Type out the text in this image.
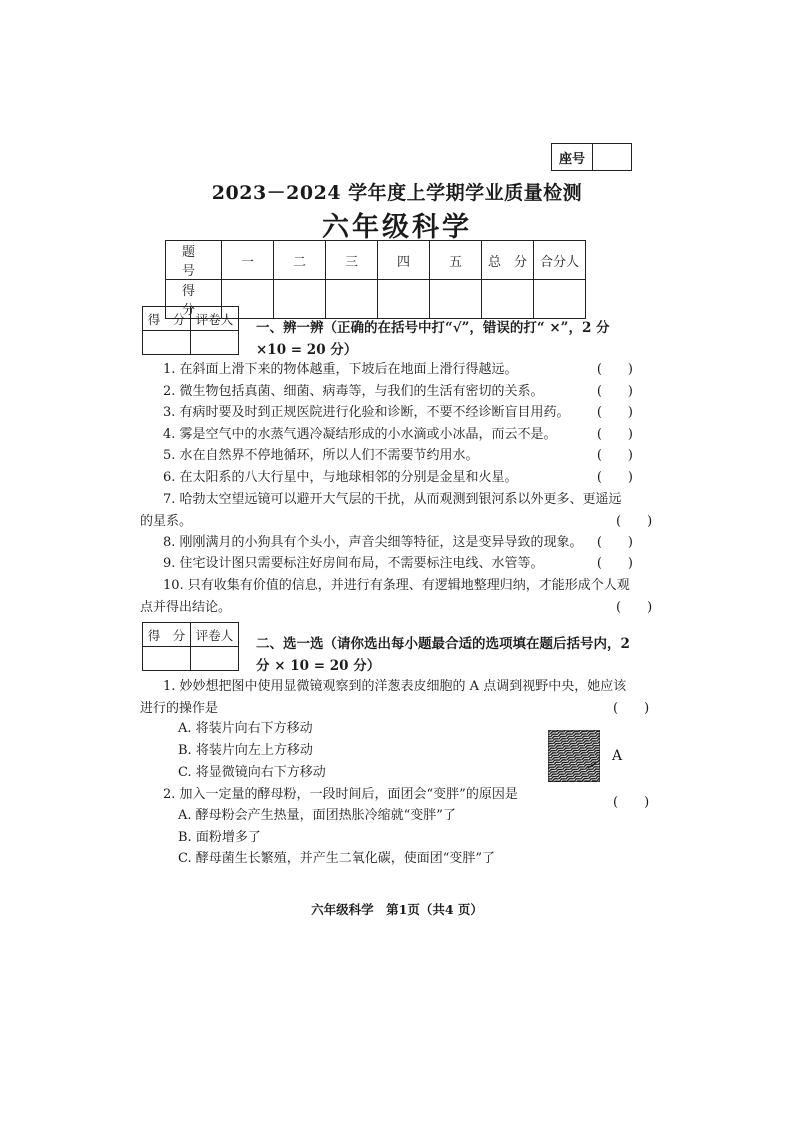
座号	
2023－2024 学年度上学期学业质量检测
六年级科学
题　号	一	二	三	四	五	总　分	合分人
得　分							
得　分	评卷人

一、辨一辨（正确的在括号中打“√”，错误的打“ ×”，2 分 ×10 = 20 分）
1. 在斜面上滑下来的物体越重，下坡后在地面上滑行得越远。	(　　)
2. 微生物包括真菌、细菌、病毒等，与我们的生活有密切的关系。	(　　)
3. 有病时要及时到正规医院进行化验和诊断，不要不经诊断盲目用药。 (　　)
4. 雾是空气中的水蒸气遇冷凝结形成的小水滴或小冰晶，而云不是。	(　　)
5. 水在自然界不停地循环，所以人们不需要节约用水。	(　　)
6. 在太阳系的八大行星中，与地球相邻的分别是金星和火星。	(　　)
7. 哈勃太空望远镜可以避开大气层的干扰，从而观测到银河系以外更多、更遥远的星系。	(　　)
8. 刚刚满月的小狗具有个头小，声音尖细等特征，这是变异导致的现象。 (　　)
9. 住宅设计图只需要标注好房间布局，不需要标注电线、水管等。	(　　)
10. 只有收集有价值的信息，并进行有条理、有逻辑地整理归纳，才能形成个人观点并得出结论。	(　　)
得　分	评卷人

二、选一选（请你选出每小题最合适的选项填在题后括号内，2 分 × 10 = 20 分）
1. 妙妙想把图中使用显微镜观察到的洋葱表皮细胞的 A 点调到视野中央，她应该进行的操作是	(　　)
A. 将装片向右下方移动
B. 将装片向左上方移动
C. 将显微镜向右下方移动
A
2. 加入一定量的酵母粉，一段时间后，面团会“变胖”的原因是
(　　)
A. 酵母粉会产生热量，面团热胀冷缩就“变胖”了
B. 面粉增多了
C. 酵母菌生长繁殖，并产生二氧化碳，使面团“变胖”了
六年级科学　第1页（共4 页）
